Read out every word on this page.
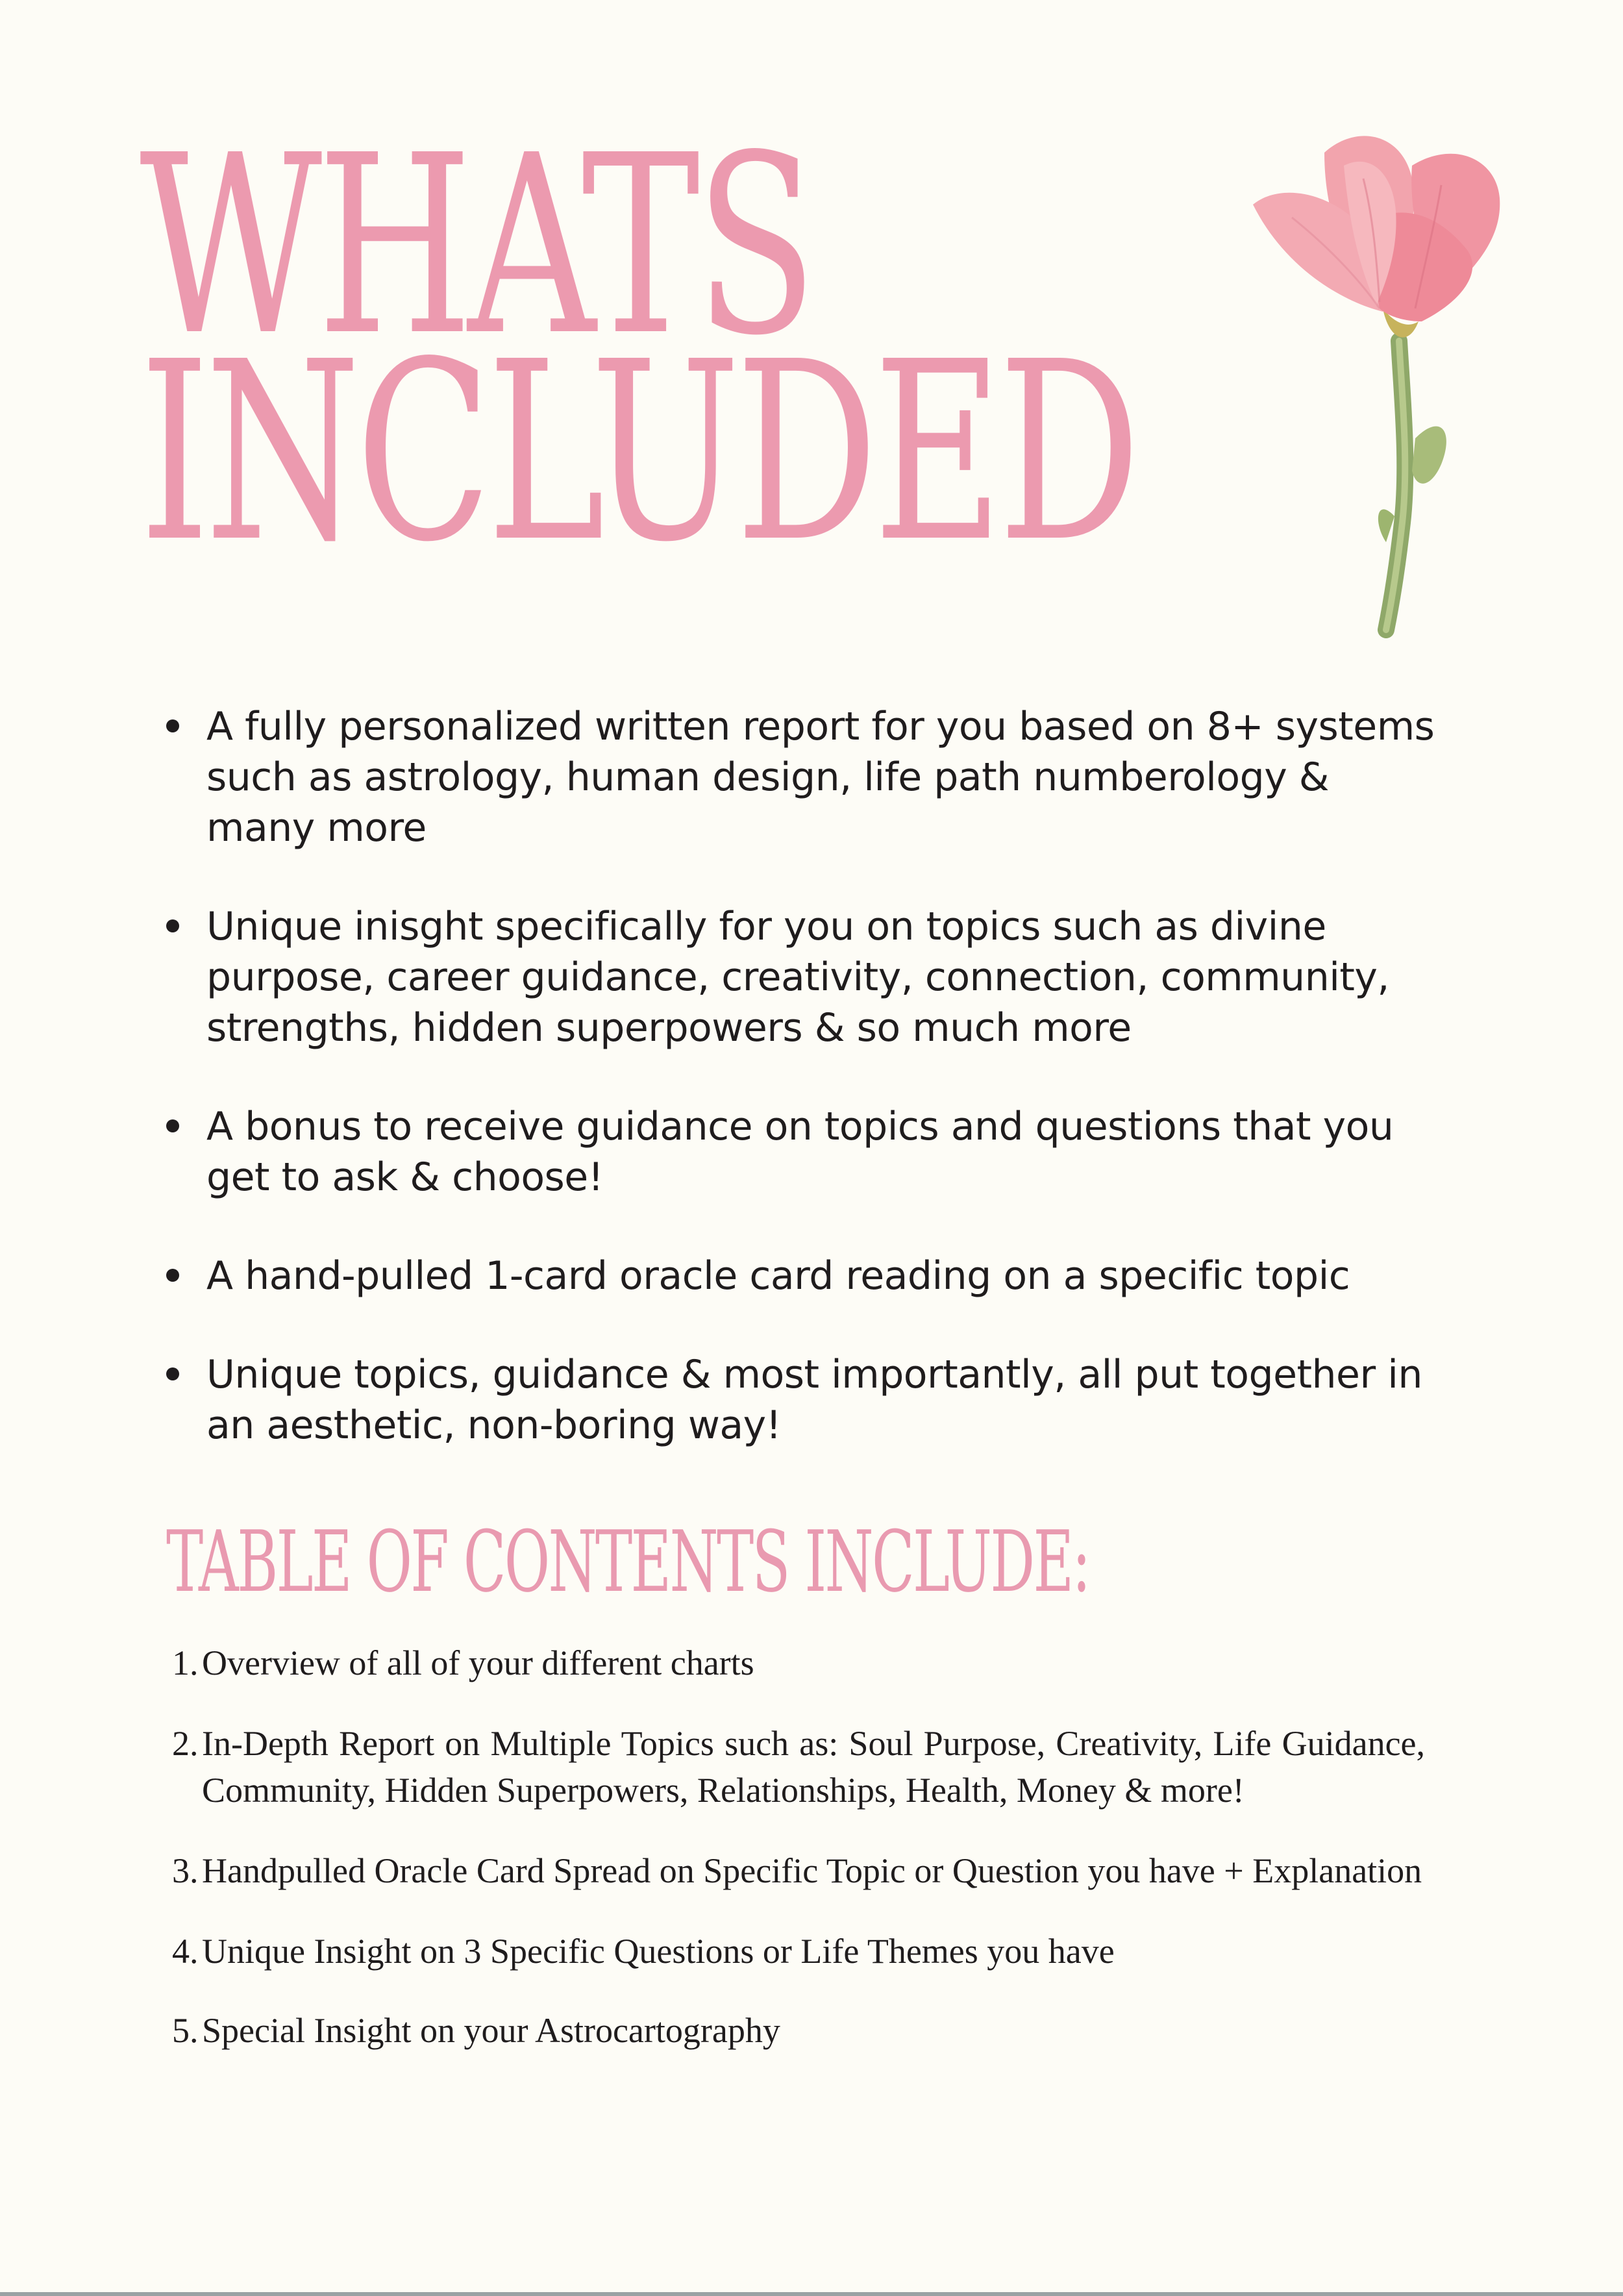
WHATS
INCLUDED
A fully personalized written report for you based on 8+ systems such as astrology, human design, life path numberology & many more
Unique inisght specifically for you on topics such as divine purpose, career guidance, creativity, connection, community, strengths, hidden superpowers & so much more
A bonus to receive guidance on topics and questions that you get to ask & choose!
A hand-pulled 1-card oracle card reading on a specific topic
Unique topics, guidance & most importantly, all put together in an aesthetic, non-boring way!
TABLE OF CONTENTS INCLUDE:
1. Overview of all of your different charts
2. In-Depth Report on Multiple Topics such as: Soul Purpose, Creativity, Life Guidance, Community, Hidden Superpowers, Relationships, Health, Money & more!
3. Handpulled Oracle Card Spread on Specific Topic or Question you have + Explanation
4. Unique Insight on 3 Specific Questions or Life Themes you have
5. Special Insight on your Astrocartography
